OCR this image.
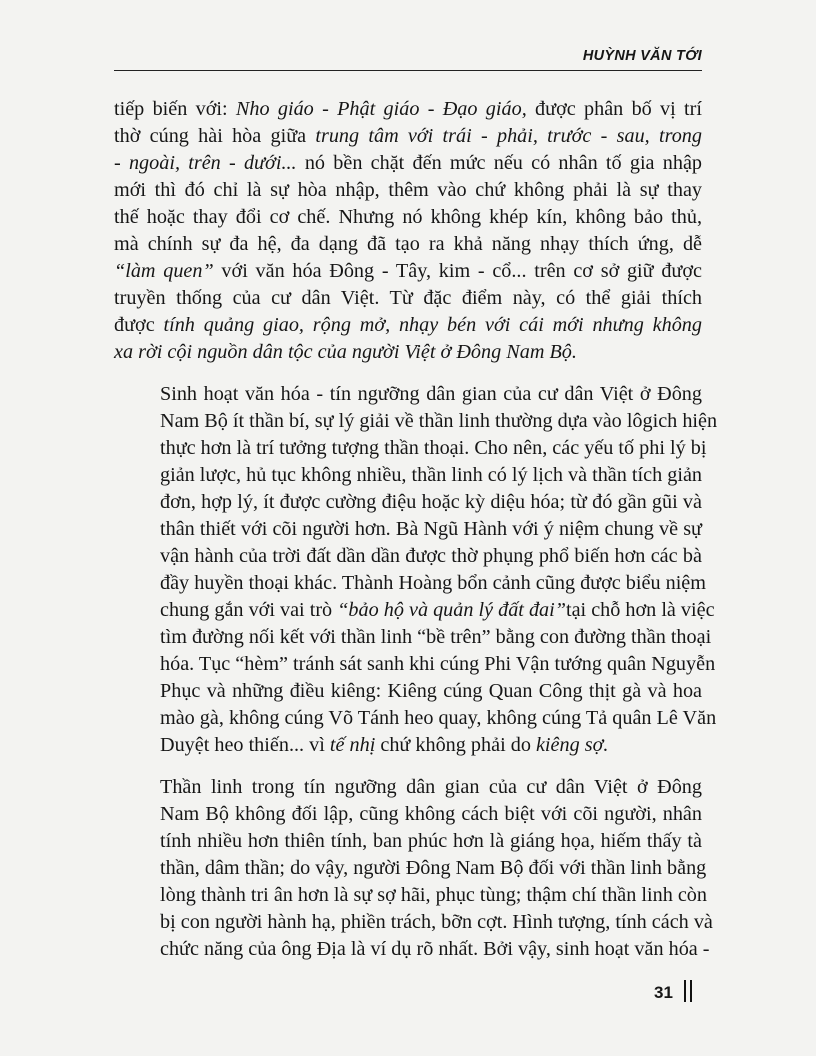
HUỲNH VĂN TỚI

tiếp biến với: Nho giáo - Phật giáo - Đạo giáo, được phân bố vị trí
thờ cúng hài hòa giữa trung tâm với trái - phải, trước - sau, trong
- ngoài, trên - dưới... nó bền chặt đến mức nếu có nhân tố gia nhập
mới thì đó chỉ là sự hòa nhập, thêm vào chứ không phải là sự thay
thế hoặc thay đổi cơ chế. Nhưng nó không khép kín, không bảo thủ,
mà chính sự đa hệ, đa dạng đã tạo ra khả năng nhạy thích ứng, dễ
“làm quen” với văn hóa Đông - Tây, kim - cổ... trên cơ sở giữ được
truyền thống của cư dân Việt. Từ đặc điểm này, có thể giải thích
được tính quảng giao, rộng mở, nhạy bén với cái mới nhưng không
xa rời cội nguồn dân tộc của người Việt ở Đông Nam Bộ.

Sinh hoạt văn hóa - tín ngưỡng dân gian của cư dân Việt ở Đông
Nam Bộ ít thần bí, sự lý giải về thần linh thường dựa vào lôgich hiện
thực hơn là trí tưởng tượng thần thoại. Cho nên, các yếu tố phi lý bị
giản lược, hủ tục không nhiều, thần linh có lý lịch và thần tích giản
đơn, hợp lý, ít được cường điệu hoặc kỳ diệu hóa; từ đó gần gũi và
thân thiết với cõi người hơn. Bà Ngũ Hành với ý niệm chung về sự
vận hành của trời đất dần dần được thờ phụng phổ biến hơn các bà
đầy huyền thoại khác. Thành Hoàng bổn cảnh cũng được biểu niệm
chung gắn với vai trò “bảo hộ và quản lý đất đai”tại chỗ hơn là việc
tìm đường nối kết với thần linh “bề trên” bằng con đường thần thoại
hóa. Tục “hèm” tránh sát sanh khi cúng Phi Vận tướng quân Nguyễn
Phục và những điều kiêng: Kiêng cúng Quan Công thịt gà và hoa
mào gà, không cúng Võ Tánh heo quay, không cúng Tả quân Lê Văn
Duyệt heo thiến... vì tế nhị chứ không phải do kiêng sợ.

Thần linh trong tín ngưỡng dân gian của cư dân Việt ở Đông
Nam Bộ không đối lập, cũng không cách biệt với cõi người, nhân
tính nhiều hơn thiên tính, ban phúc hơn là giáng họa, hiếm thấy tà
thần, dâm thần; do vậy, người Đông Nam Bộ đối với thần linh bằng
lòng thành tri ân hơn là sự sợ hãi, phục tùng; thậm chí thần linh còn
bị con người hành hạ, phiền trách, bỡn cợt. Hình tượng, tính cách và
chức năng của ông Địa là ví dụ rõ nhất. Bởi vậy, sinh hoạt văn hóa -

31
